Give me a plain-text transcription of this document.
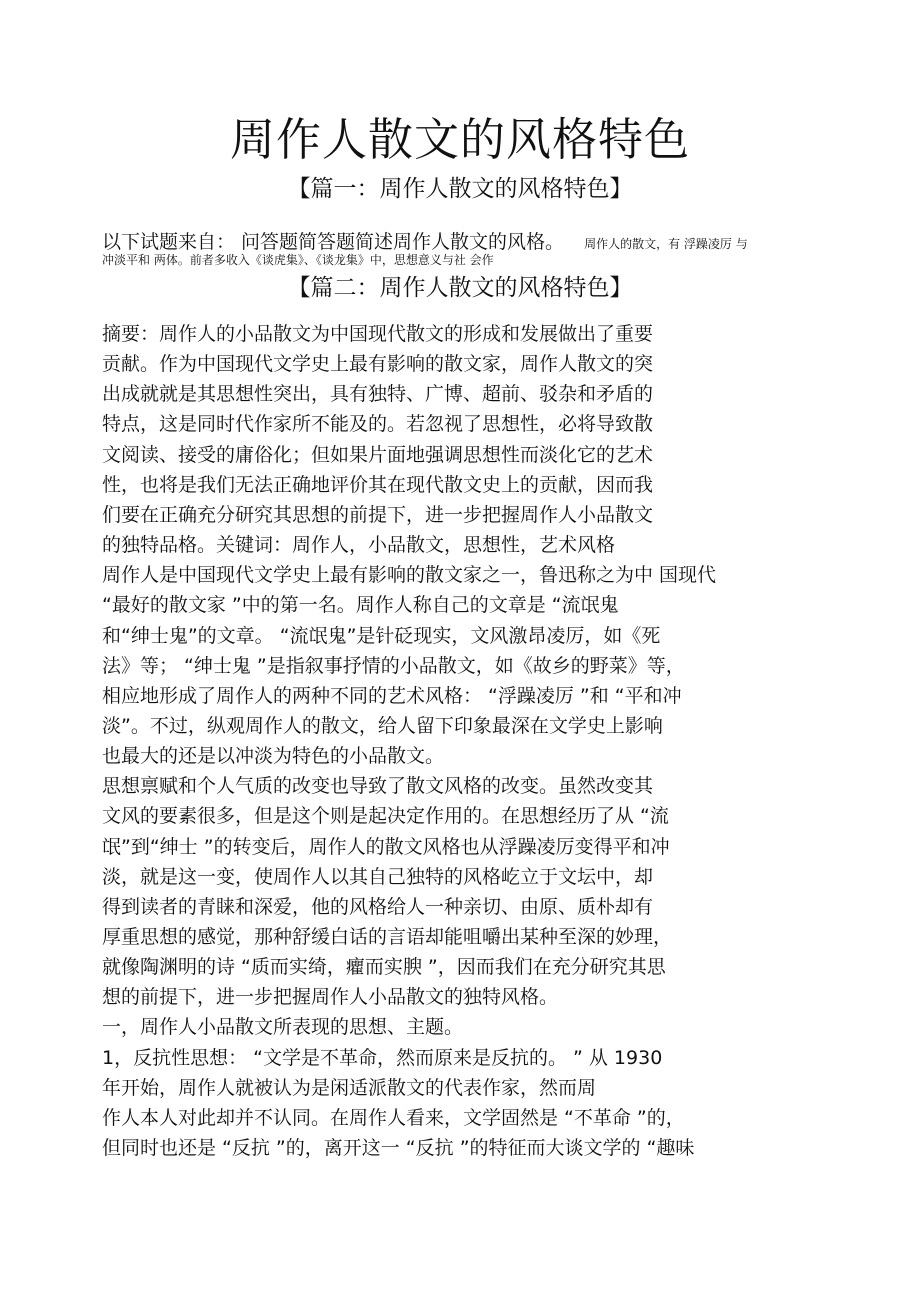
周作人散文的风格特色
【篇一：周作人散文的风格特色】
以下试题来自： 问答题简答题简述周作人散文的风格。 周作人的散文，有 浮躁凌厉 与
冲淡平和 两体。前者多收入《谈虎集》、《谈龙集》中，思想意义与社 会作
【篇二：周作人散文的风格特色】
摘要：周作人的小品散文为中国现代散文的形成和发展做出了重要
贡献。作为中国现代文学史上最有影响的散文家，周作人散文的突
出成就就是其思想性突出，具有独特、广博、超前、驳杂和矛盾的
特点，这是同时代作家所不能及的。若忽视了思想性，必将导致散
文阅读、接受的庸俗化；但如果片面地强调思想性而淡化它的艺术
性，也将是我们无法正确地评价其在现代散文史上的贡献，因而我
们要在正确充分研究其思想的前提下，进一步把握周作人小品散文
的独特品格。关键词：周作人，小品散文，思想性，艺术风格
周作人是中国现代文学史上最有影响的散文家之一，鲁迅称之为中 国现代
“最好的散文家 ”中的第一名。周作人称自己的文章是 “流氓鬼
和“绅士鬼”的文章。 “流氓鬼”是针砭现实，文风激昂凌厉，如《死
法》等； “绅士鬼 ”是指叙事抒情的小品散文，如《故乡的野菜》等，
相应地形成了周作人的两种不同的艺术风格： “浮躁凌厉 ”和 “平和冲
淡”。不过，纵观周作人的散文，给人留下印象最深在文学史上影响
也最大的还是以冲淡为特色的小品散文。
思想禀赋和个人气质的改变也导致了散文风格的改变。虽然改变其
文风的要素很多，但是这个则是起决定作用的。在思想经历了从 “流
氓”到“绅士 ”的转变后，周作人的散文风格也从浮躁凌厉变得平和冲
淡，就是这一变，使周作人以其自己独特的风格屹立于文坛中，却
得到读者的青睐和深爱，他的风格给人一种亲切、由原、质朴却有
厚重思想的感觉，那种舒缓白话的言语却能咀嚼出某种至深的妙理，
就像陶渊明的诗 “质而实绮，癯而实腴 ”，因而我们在充分研究其思
想的前提下，进一步把握周作人小品散文的独特风格。
一，周作人小品散文所表现的思想、主题。
1，反抗性思想： “文学是不革命，然而原来是反抗的。 ” 从 1930
年开始，周作人就被认为是闲适派散文的代表作家，然而周
作人本人对此却并不认同。在周作人看来，文学固然是 “不革命 ”的，
但同时也还是 “反抗 ”的，离开这一 “反抗 ”的特征而大谈文学的 “趣味
